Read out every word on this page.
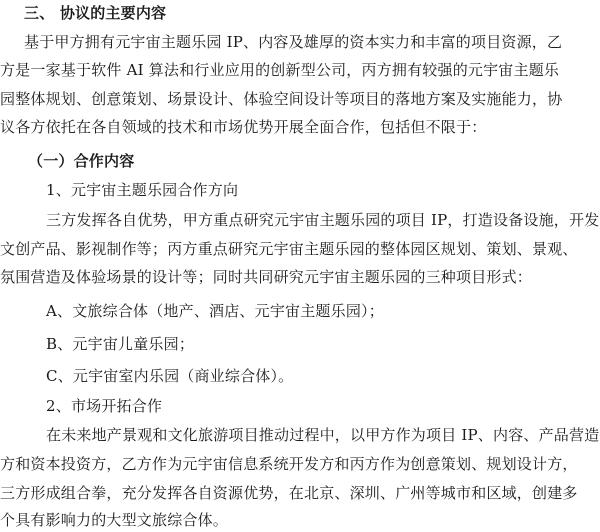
三、 协议的主要内容
基于甲方拥有元宇宙主题乐园 IP、内容及雄厚的资本实力和丰富的项目资源，乙
方是一家基于软件 AI 算法和行业应用的创新型公司，丙方拥有较强的元宇宙主题乐
园整体规划、创意策划、场景设计、体验空间设计等项目的落地方案及实施能力，协
议各方依托在各自领域的技术和市场优势开展全面合作，包括但不限于：
（一）合作内容
1、元宇宙主题乐园合作方向
三方发挥各自优势，甲方重点研究元宇宙主题乐园的项目 IP，打造设备设施，开发
文创产品、影视制作等；丙方重点研究元宇宙主题乐园的整体园区规划、策划、景观、
氛围营造及体验场景的设计等；同时共同研究元宇宙主题乐园的三种项目形式：
A、文旅综合体（地产、酒店、元宇宙主题乐园）；
B、元宇宙儿童乐园；
C、元宇宙室内乐园（商业综合体）。
2、市场开拓合作
在未来地产景观和文化旅游项目推动过程中，以甲方作为项目 IP、内容、产品营造
方和资本投资方，乙方作为元宇宙信息系统开发方和丙方作为创意策划、规划设计方，
三方形成组合拳，充分发挥各自资源优势，在北京、深圳、广州等城市和区域，创建多
个具有影响力的大型文旅综合体。
